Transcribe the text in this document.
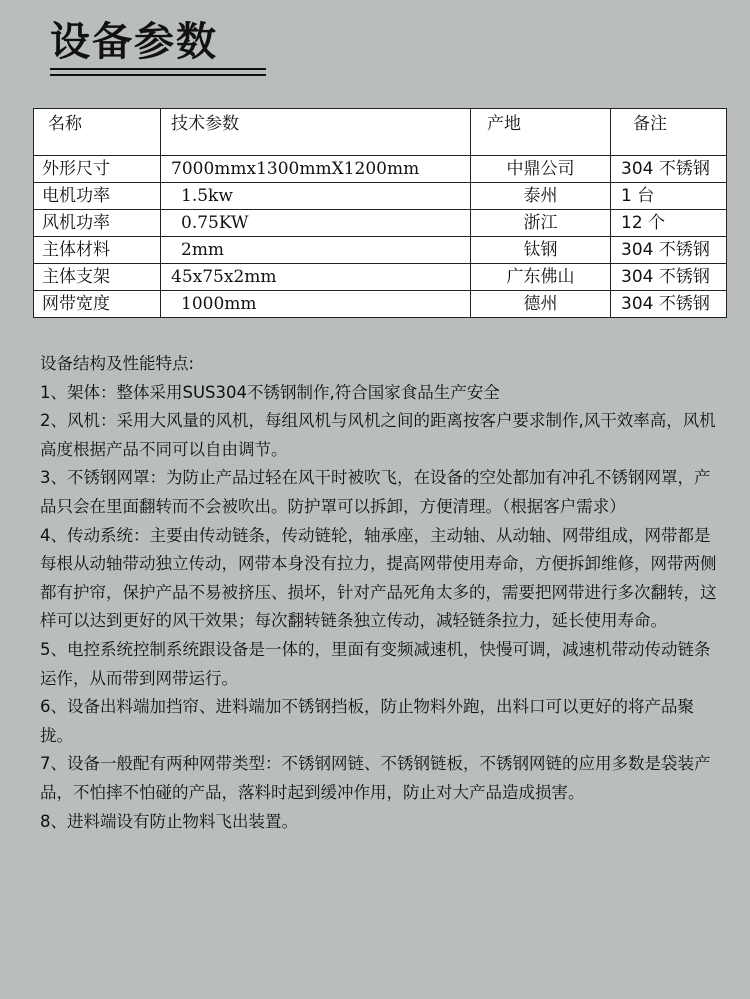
设备参数
名称	技术参数	产地	备注
外形尺寸	7000mmx1300mmX1200mm	中鼎公司	304 不锈钢
电机功率	1.5kw	泰州	1 台
风机功率	0.75KW	浙江	12 个
主体材料	2mm	钛钢	304 不锈钢
主体支架	45x75x2mm	广东佛山	304 不锈钢
网带宽度	1000mm	德州	304 不锈钢

设备结构及性能特点:

1、架体：整体采用SUS304不锈钢制作,符合国家食品生产安全

2、风机：采用大风量的风机，每组风机与风机之间的距离按客户要求制作,风干效率高，风机高度根据产品不同可以自由调节。

3、不锈钢网罩：为防止产品过轻在风干时被吹飞，在设备的空处都加有冲孔不锈钢网罩，产品只会在里面翻转而不会被吹出。防护罩可以拆卸，方便清理。（根据客户需求）

4、传动系统：主要由传动链条，传动链轮，轴承座，主动轴、从动轴、网带组成，网带都是每根从动轴带动独立传动，网带本身没有拉力，提高网带使用寿命，方便拆卸维修，网带两侧都有护帘，保护产品不易被挤压、损坏，针对产品死角太多的，需要把网带进行多次翻转，这样可以达到更好的风干效果；每次翻转链条独立传动，减轻链条拉力，延长使用寿命。

5、电控系统控制系统跟设备是一体的，里面有变频减速机，快慢可调，减速机带动传动链条运作，从而带到网带运行。

6、设备出料端加挡帘、进料端加不锈钢挡板，防止物料外跑，出料口可以更好的将产品聚拢。

7、设备一般配有两种网带类型：不锈钢网链、不锈钢链板，不锈钢网链的应用多数是袋装产品，不怕摔不怕碰的产品，落料时起到缓冲作用，防止对大产品造成损害。

8、进料端设有防止物料飞出装置。
